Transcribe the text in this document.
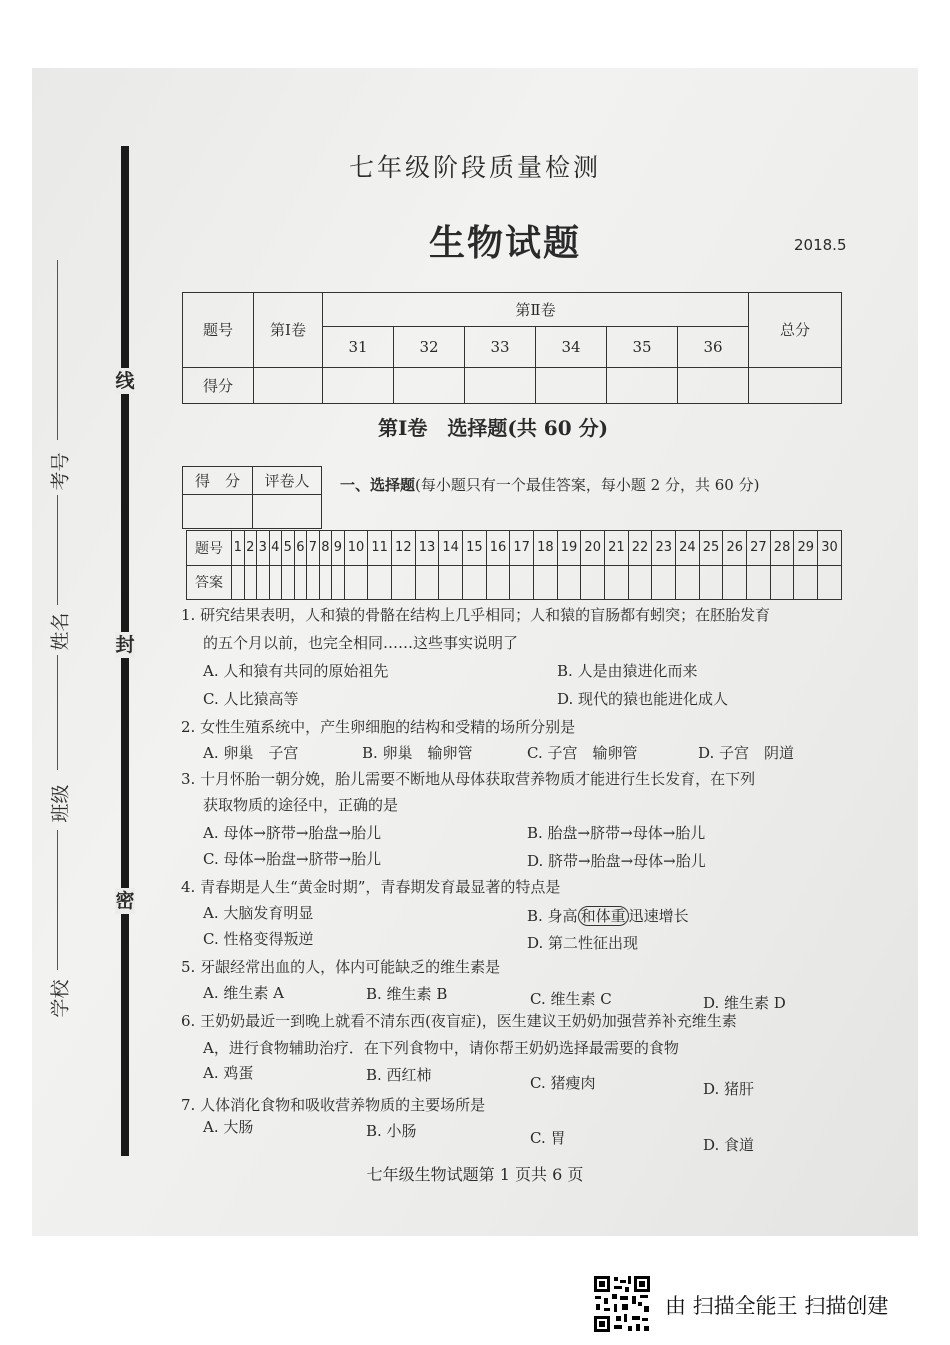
线
封
密
考号
姓名
班级
学校
七年级阶段质量检测
生物试题	2018.5
题号	第Ⅰ卷	第Ⅱ卷						总分
		31	32	33	34	35	36	
得分								
第Ⅰ卷　选择题(共 60 分)
得　分	评卷人
	一、选择题(每小题只有一个最佳答案，每小题 2 分，共 60 分)
题号	1	2	3	4	5	6	7	8	9	10	11	12	13	14	15	16	17	18	19	20	21	22	23	24	25	26	27	28	29	30
答案																														
1. 研究结果表明，人和猿的骨骼在结构上几乎相同；人和猿的盲肠都有蚓突；在胚胎发育
的五个月以前，也完全相同……这些事实说明了
A. 人和猿有共同的原始祖先	B. 人是由猿进化而来
C. 人比猿高等	D. 现代的猿也能进化成人
2. 女性生殖系统中，产生卵细胞的结构和受精的场所分别是
A. 卵巢　子宫	B. 卵巢　输卵管	C. 子宫　输卵管	D. 子宫　阴道
3. 十月怀胎一朝分娩，胎儿需要不断地从母体获取营养物质才能进行生长发育，在下列
获取物质的途径中，正确的是
A. 母体→脐带→胎盘→胎儿	B. 胎盘→脐带→母体→胎儿
C. 母体→胎盘→脐带→胎儿	D. 脐带→胎盘→母体→胎儿
4. 青春期是人生“黄金时期”，青春期发育最显著的特点是
A. 大脑发育明显	B. 身高 和体重 迅速增长
C. 性格变得叛逆	D. 第二性征出现
5. 牙龈经常出血的人，体内可能缺乏的维生素是
A. 维生素 A	B. 维生素 B	C. 维生素 C	D. 维生素 D
6. 王奶奶最近一到晚上就看不清东西(夜盲症)，医生建议王奶奶加强营养补充维生素
A，进行食物辅助治疗．在下列食物中，请你帮王奶奶选择最需要的食物
A. 鸡蛋	B. 西红柿	C. 猪瘦肉	D. 猪肝
7. 人体消化食物和吸收营养物质的主要场所是
A. 大肠	B. 小肠	C. 胃	D. 食道
七年级生物试题第 1 页共 6 页
由 扫描全能王 扫描创建
